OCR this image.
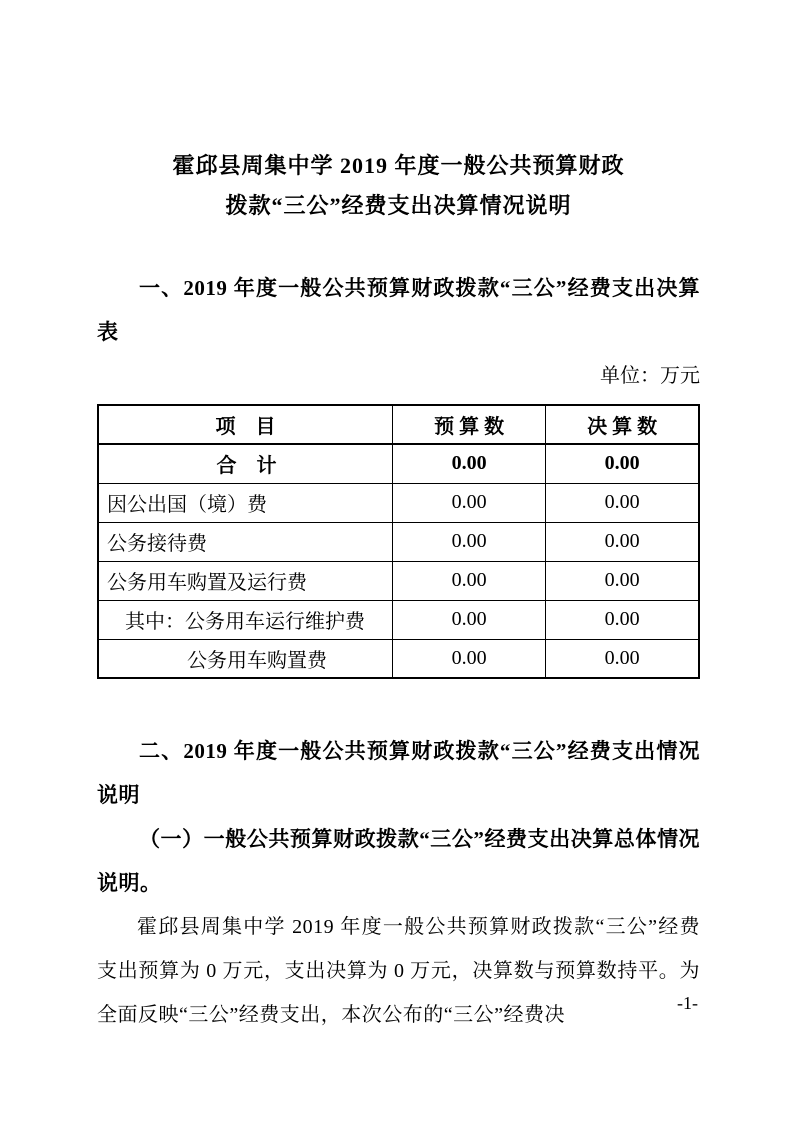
霍邱县周集中学 2019 年度一般公共预算财政
拨款“三公”经费支出决算情况说明

一、2019 年度一般公共预算财政拨款“三公”经费支出决算表

单位：万元

项　目	预 算 数	决 算 数
合　计	0.00	0.00
因公出国（境）费	0.00	0.00
公务接待费	0.00	0.00
公务用车购置及运行费	0.00	0.00
其中：公务用车运行维护费	0.00	0.00
公务用车购置费	0.00	0.00

二、2019 年度一般公共预算财政拨款“三公”经费支出情况说明

（一）一般公共预算财政拨款“三公”经费支出决算总体情况说明。

霍邱县周集中学 2019 年度一般公共预算财政拨款“三公”经费支出预算为 0 万元，支出决算为 0 万元，决算数与预算数持平。为全面反映“三公”经费支出，本次公布的“三公”经费决

-1-
